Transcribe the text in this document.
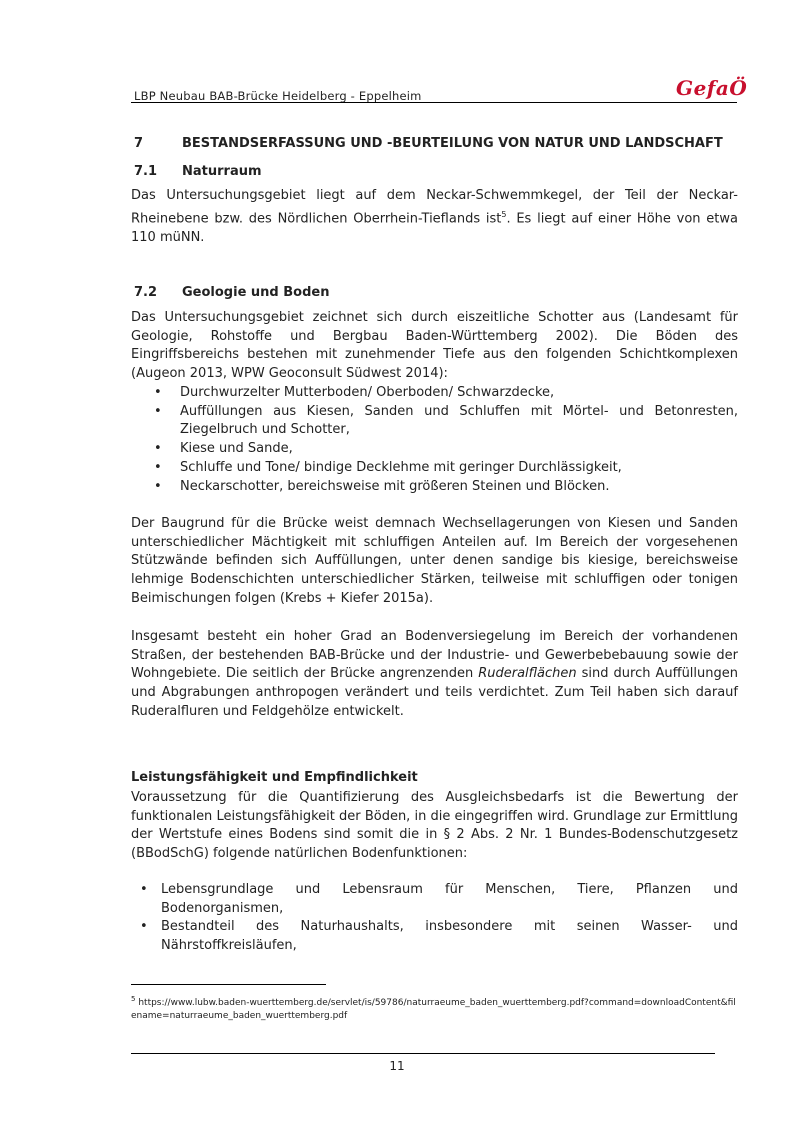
LBP Neubau BAB-Brücke Heidelberg - Eppelheim	GefaÖ
7	BESTANDSERFASSUNG UND -BEURTEILUNG VON NATUR UND LANDSCHAFT
7.1 Naturraum

Das Untersuchungsgebiet liegt auf dem Neckar-Schwemmkegel, der Teil der Neckar-Rheinebene bzw. des Nördlichen Oberrhein-Tieflands ist$^5$. Es liegt auf einer Höhe von etwa 110 müNN.

7.2 Geologie und Boden

Das Untersuchungsgebiet zeichnet sich durch eiszeitliche Schotter aus (Landesamt für Geologie, Rohstoffe und Bergbau Baden-Württemberg 2002). Die Böden des Eingriffsbereichs bestehen mit zunehmender Tiefe aus den folgenden Schichtkomplexen (Augeon 2013, WPW Geoconsult Südwest 2014):

• Durchwurzelter Mutterboden/ Oberboden/ Schwarzdecke,
• Auffüllungen aus Kiesen, Sanden und Schluffen mit Mörtel- und Betonresten, Ziegelbruch und Schotter,
• Kiese und Sande,
• Schluffe und Tone/ bindige Decklehme mit geringer Durchlässigkeit,
• Neckarschotter, bereichsweise mit größeren Steinen und Blöcken.

Der Baugrund für die Brücke weist demnach Wechsellagerungen von Kiesen und Sanden unterschiedlicher Mächtigkeit mit schluffigen Anteilen auf. Im Bereich der vorgesehenen Stützwände befinden sich Auffüllungen, unter denen sandige bis kiesige, bereichsweise lehmige Bodenschichten unterschiedlicher Stärken, teilweise mit schluffigen oder tonigen Beimischungen folgen (Krebs + Kiefer 2015a).

Insgesamt besteht ein hoher Grad an Bodenversiegelung im Bereich der vorhandenen Straßen, der bestehenden BAB-Brücke und der Industrie- und Gewerbebebauung sowie der Wohngebiete. Die seitlich der Brücke angrenzenden Ruderalflächen sind durch Auffüllungen und Abgrabungen anthropogen verändert und teils verdichtet. Zum Teil haben sich darauf Ruderalfluren und Feldgehölze entwickelt.

Leistungsfähigkeit und Empfindlichkeit

Voraussetzung für die Quantifizierung des Ausgleichsbedarfs ist die Bewertung der funktionalen Leistungsfähigkeit der Böden, in die eingegriffen wird. Grundlage zur Ermittlung der Wertstufe eines Bodens sind somit die in § 2 Abs. 2 Nr. 1 Bundes-Bodenschutzgesetz (BBodSchG) folgende natürlichen Bodenfunktionen:

• Lebensgrundlage und Lebensraum für Menschen, Tiere, Pflanzen und Bodenorganismen,
• Bestandteil des Naturhaushalts, insbesondere mit seinen Wasser- und Nährstoffkreisläufen,
$^5$ https://www.lubw.baden-wuerttemberg.de/servlet/is/59786/naturraeume_baden_wuerttemberg.pdf?command=downloadContent&filename=naturraeume_baden_wuerttemberg.pdf
11
